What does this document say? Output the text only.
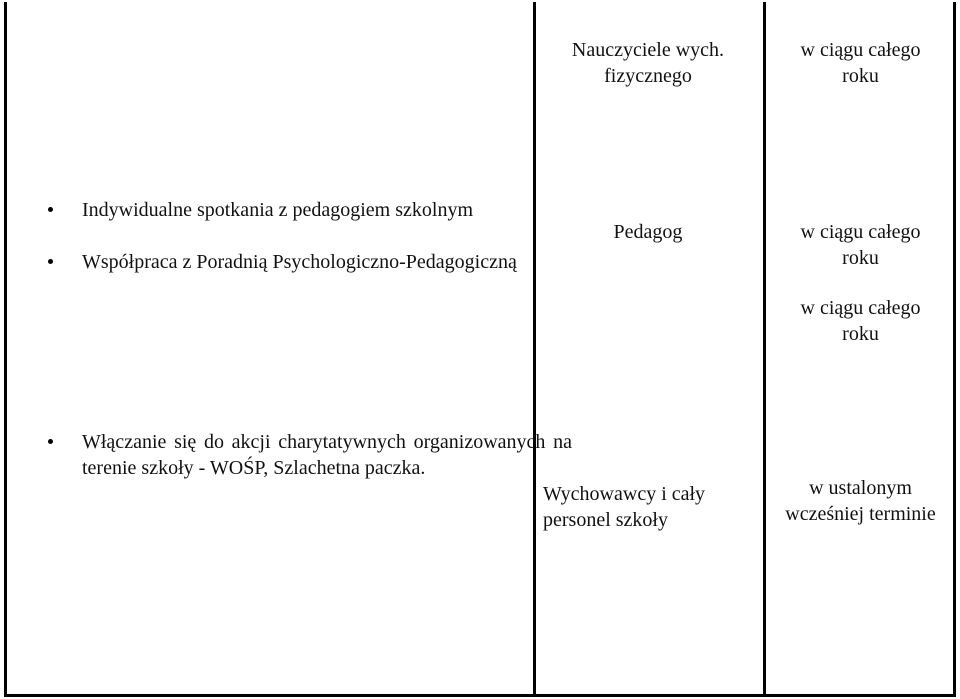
Nauczyciele wych. fizycznego
w ciągu całego roku
Indywidualne spotkania z pedagogiem szkolnym
Współpraca z Poradnią Psychologiczno-Pedagogiczną
Pedagog	w ciągu całego roku
w ciągu całego roku
Włączanie się do akcji charytatywnych organizowanych na terenie szkoły - WOŚP, Szlachetna paczka.
Wychowawcy i cały personel szkoły
w ustalonym wcześniej terminie
